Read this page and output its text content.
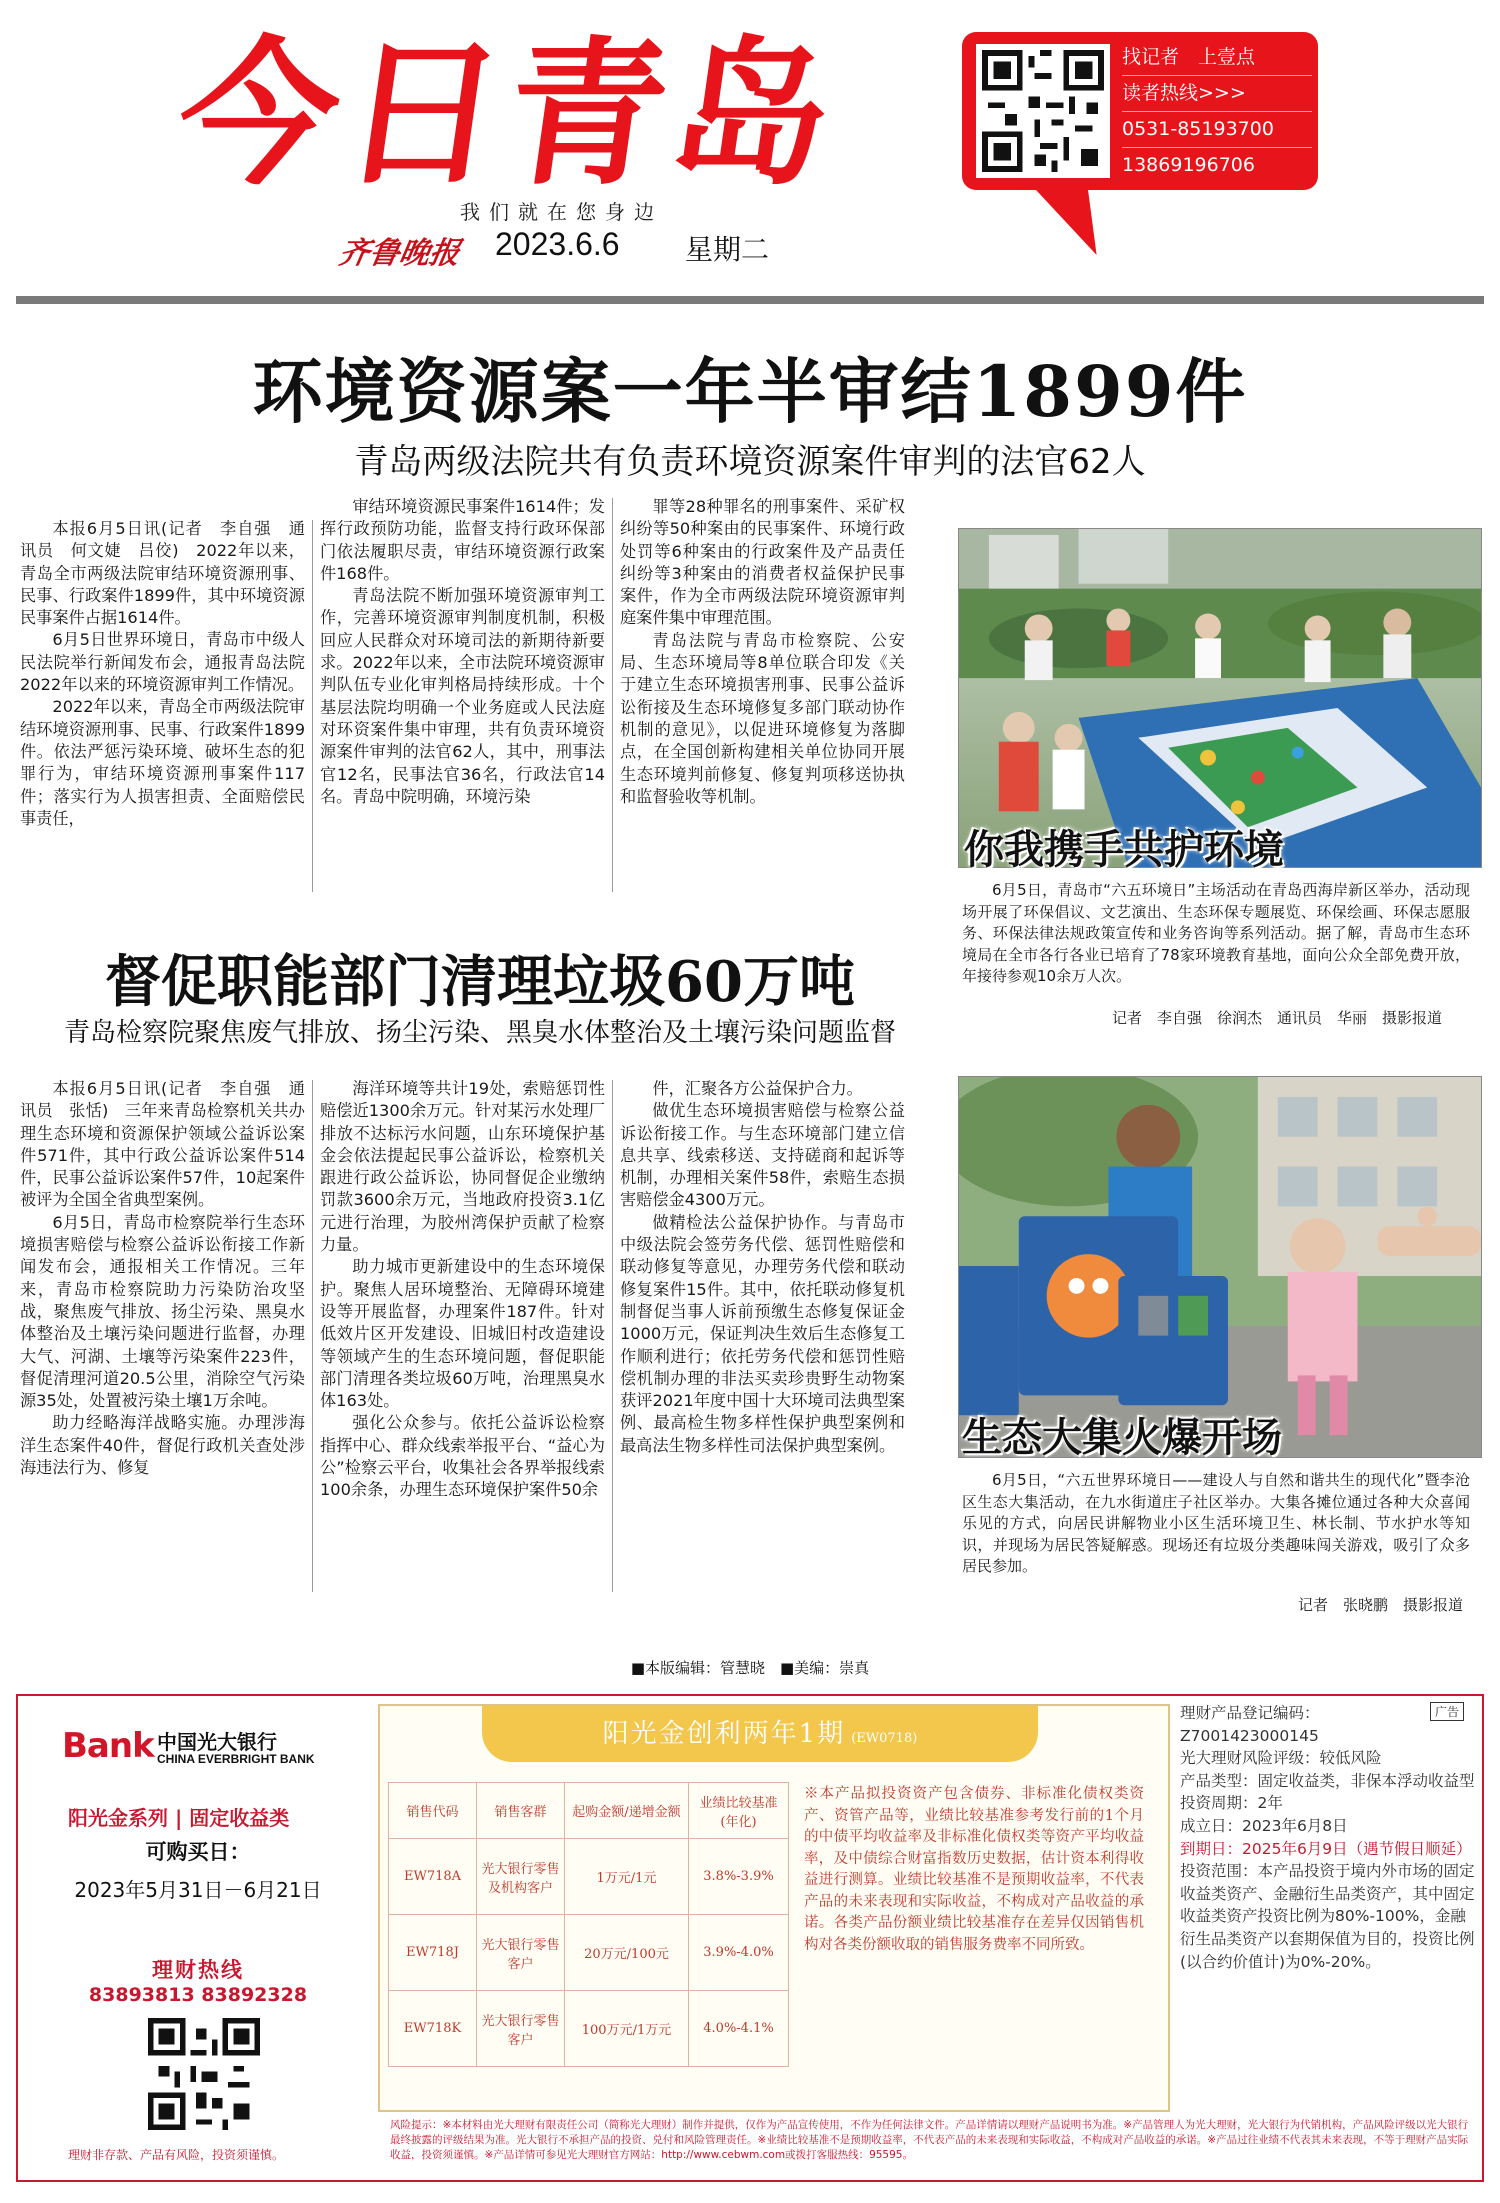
今日青岛
我们就在您身边
齐鲁晚报 2023.6.6 星期二
找记者　上壹点
读者热线>>>
0531-85193700
13869196706
环境资源案一年半审结1899件
青岛两级法院共有负责环境资源案件审判的法官62人

本报6月5日讯(记者　李自强　通讯员　何文婕　吕佼)　2022年以来，青岛全市两级法院审结环境资源刑事、民事、行政案件1899件，其中环境资源民事案件占据1614件。

6月5日世界环境日，青岛市中级人民法院举行新闻发布会，通报青岛法院2022年以来的环境资源审判工作情况。

2022年以来，青岛全市两级法院审结环境资源刑事、民事、行政案件1899件。依法严惩污染环境、破坏生态的犯罪行为，审结环境资源刑事案件117件；落实行为人损害担责、全面赔偿民事责任，

审结环境资源民事案件1614件；发挥行政预防功能，监督支持行政环保部门依法履职尽责，审结环境资源行政案件168件。

青岛法院不断加强环境资源审判工作，完善环境资源审判制度机制，积极回应人民群众对环境司法的新期待新要求。2022年以来，全市法院环境资源审判队伍专业化审判格局持续形成。十个基层法院均明确一个业务庭或人民法庭对环资案件集中审理，共有负责环境资源案件审判的法官62人，其中，刑事法官12名，民事法官36名，行政法官14名。青岛中院明确，环境污染

罪等28种罪名的刑事案件、采矿权纠纷等50种案由的民事案件、环境行政处罚等6种案由的行政案件及产品责任纠纷等3种案由的消费者权益保护民事案件，作为全市两级法院环境资源审判庭案件集中审理范围。

青岛法院与青岛市检察院、公安局、生态环境局等8单位联合印发《关于建立生态环境损害刑事、民事公益诉讼衔接及生态环境修复多部门联动协作机制的意见》，以促进环境修复为落脚点，在全国创新构建相关单位协同开展生态环境判前修复、修复判项移送协执和监督验收等机制。

督促职能部门清理垃圾60万吨
青岛检察院聚焦废气排放、扬尘污染、黑臭水体整治及土壤污染问题监督

本报6月5日讯(记者　李自强　通讯员　张恬)　三年来青岛检察机关共办理生态环境和资源保护领域公益诉讼案件571件，其中行政公益诉讼案件514件，民事公益诉讼案件57件，10起案件被评为全国全省典型案例。

6月5日，青岛市检察院举行生态环境损害赔偿与检察公益诉讼衔接工作新闻发布会，通报相关工作情况。三年来，青岛市检察院助力污染防治攻坚战，聚焦废气排放、扬尘污染、黑臭水体整治及土壤污染问题进行监督，办理大气、河湖、土壤等污染案件223件，督促清理河道20.5公里，消除空气污染源35处，处置被污染土壤1万余吨。

助力经略海洋战略实施。办理涉海洋生态案件40件，督促行政机关查处涉海违法行为、修复

海洋环境等共计19处，索赔惩罚性赔偿近1300余万元。针对某污水处理厂排放不达标污水问题，山东环境保护基金会依法提起民事公益诉讼，检察机关跟进行政公益诉讼，协同督促企业缴纳罚款3600余万元，当地政府投资3.1亿元进行治理，为胶州湾保护贡献了检察力量。

助力城市更新建设中的生态环境保护。聚焦人居环境整治、无障碍环境建设等开展监督，办理案件187件。针对低效片区开发建设、旧城旧村改造建设等领域产生的生态环境问题，督促职能部门清理各类垃圾60万吨，治理黑臭水体163处。

强化公众参与。依托公益诉讼检察指挥中心、群众线索举报平台、“益心为公”检察云平台，收集社会各界举报线索100余条，办理生态环境保护案件50余

件，汇聚各方公益保护合力。

做优生态环境损害赔偿与检察公益诉讼衔接工作。与生态环境部门建立信息共享、线索移送、支持磋商和起诉等机制，办理相关案件58件，索赔生态损害赔偿金4300万元。

做精检法公益保护协作。与青岛市中级法院会签劳务代偿、惩罚性赔偿和联动修复等意见，办理劳务代偿和联动修复案件15件。其中，依托联动修复机制督促当事人诉前预缴生态修复保证金1000万元，保证判决生效后生态修复工作顺利进行；依托劳务代偿和惩罚性赔偿机制办理的非法买卖珍贵野生动物案获评2021年度中国十大环境司法典型案例、最高检生物多样性保护典型案例和最高法生物多样性司法保护典型案例。

你我携手共护环境
6月5日，青岛市“六五环境日”主场活动在青岛西海岸新区举办，活动现场开展了环保倡议、文艺演出、生态环保专题展览、环保绘画、环保志愿服务、环保法律法规政策宣传和业务咨询等系列活动。据了解，青岛市生态环境局在全市各行各业已培育了78家环境教育基地，面向公众全部免费开放，年接待参观10余万人次。
记者　李自强　徐润杰　通讯员　华丽　摄影报道
生态大集火爆开场
6月5日，“六五世界环境日——建设人与自然和谐共生的现代化”暨李沧区生态大集活动，在九水街道庄子社区举办。大集各摊位通过各种大众喜闻乐见的方式，向居民讲解物业小区生活环境卫生、林长制、节水护水等知识，并现场为居民答疑解惑。现场还有垃圾分类趣味闯关游戏，吸引了众多居民参加。
记者　张晓鹏　摄影报道
■本版编辑：管慧晓　■美编：崇真
Bank 中国光大银行
CHINA EVERBRIGHT BANK
阳光金系列 | 固定收益类
可购买日：
2023年5月31日－6月21日
理财热线
83893813 83892328
理财非存款、产品有风险，投资须谨慎。
阳光金创利两年1期 (EW0718)
销售代码	销售客群	起购金额/递增金额	业绩比较基准(年化)
EW718A	光大银行零售及机构客户	1万元/1元	3.8%-3.9%
EW718J	光大银行零售客户	20万元/100元	3.9%-4.0%
EW718K	光大银行零售客户	100万元/1万元	4.0%-4.1%
※本产品拟投资资产包含债券、非标准化债权类资产、资管产品等，业绩比较基准参考发行前的1个月的中债平均收益率及非标准化债权类等资产平均收益率，及中债综合财富指数历史数据，估计资本利得收益进行测算。业绩比较基准不是预期收益率，不代表产品的未来表现和实际收益，不构成对产品收益的承诺。各类产品份额业绩比较基准存在差异仅因销售机构对各类份额收取的销售服务费率不同所致。
风险提示：※本材料由光大理财有限责任公司（简称光大理财）制作并提供，仅作为产品宣传使用，不作为任何法律文件。产品详情请以理财产品说明书为准。※产品管理人为光大理财，光大银行为代销机构，产品风险评级以光大银行最终披露的评级结果为准。光大银行不承担产品的投资、兑付和风险管理责任。※业绩比较基准不是预期收益率，不代表产品的未来表现和实际收益，不构成对产品收益的承诺。※产品过往业绩不代表其未来表现，不等于理财产品实际收益，投资须谨慎。※产品详情可参见光大理财官方网站：http://www.cebwm.com或拨打客服热线：95595。
广告
理财产品登记编码：
Z7001423000145
光大理财风险评级：较低风险
产品类型：固定收益类，非保本浮动收益型
投资周期：2年
成立日：2023年6月8日
到期日：2025年6月9日（遇节假日顺延）
投资范围：本产品投资于境内外市场的固定收益类资产、金融衍生品类资产，其中固定收益类资产投资比例为80%-100%，金融衍生品类资产以套期保值为目的，投资比例(以合约价值计)为0%-20%。
